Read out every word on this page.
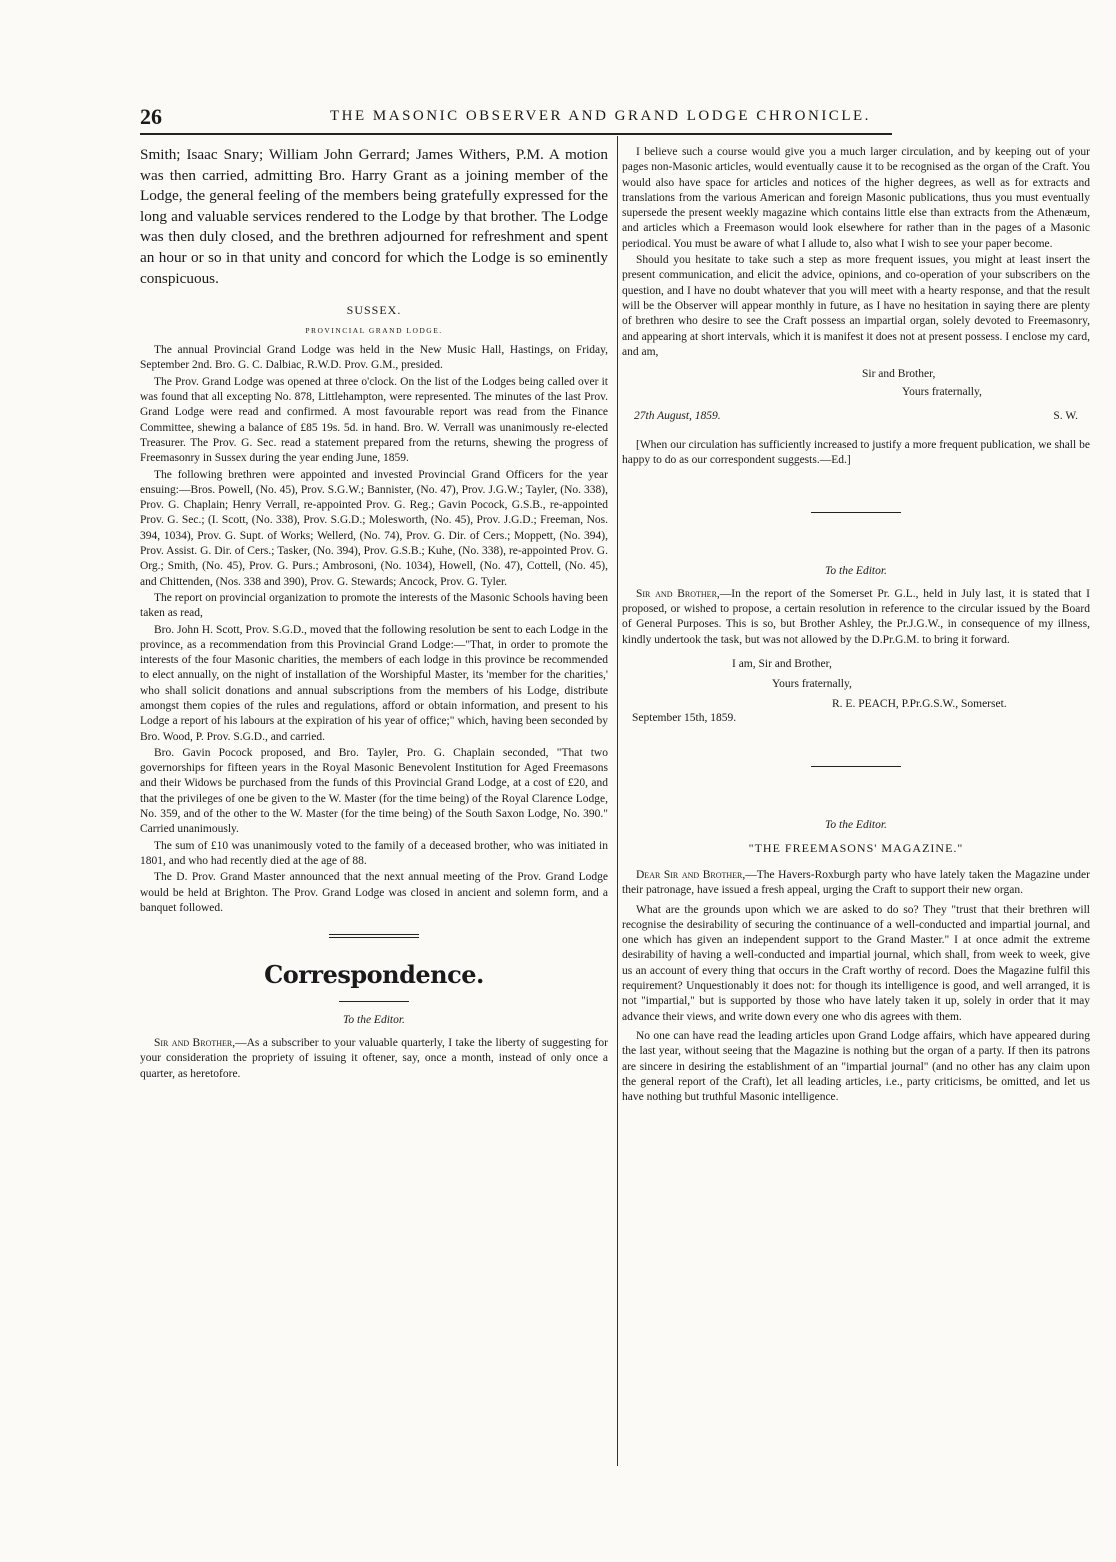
26	THE MASONIC OBSERVER AND GRAND LODGE CHRONICLE.

Smith; Isaac Snary; William John Gerrard; James Withers, P.M. A motion was then carried, admitting Bro. Harry Grant as a joining member of the Lodge, the general feeling of the members being gratefully expressed for the long and valuable services rendered to the Lodge by that brother. The Lodge was then duly closed, and the brethren adjourned for refreshment and spent an hour or so in that unity and concord for which the Lodge is so eminently conspicuous.

SUSSEX.
PROVINCIAL GRAND LODGE.

The annual Provincial Grand Lodge was held in the New Music Hall, Hastings, on Friday, September 2nd. Bro. G. C. Dalbiac, R.W.D. Prov. G.M., presided.

The Prov. Grand Lodge was opened at three o'clock. On the list of the Lodges being called over it was found that all excepting No. 878, Littlehampton, were represented. The minutes of the last Prov. Grand Lodge were read and confirmed. A most favourable report was read from the Finance Committee, shewing a balance of £85 19s. 5d. in hand. Bro. W. Verrall was unanimously re-elected Treasurer. The Prov. G. Sec. read a statement prepared from the returns, shewing the progress of Freemasonry in Sussex during the year ending June, 1859.

The following brethren were appointed and invested Provincial Grand Officers for the year ensuing:—Bros. Powell, (No. 45), Prov. S.G.W.; Bannister, (No. 47), Prov. J.G.W.; Tayler, (No. 338), Prov. G. Chaplain; Henry Verrall, re-appointed Prov. G. Reg.; Gavin Pocock, G.S.B., re-appointed Prov. G. Sec.; (I. Scott, (No. 338), Prov. S.G.D.; Molesworth, (No. 45), Prov. J.G.D.; Freeman, Nos. 394, 1034), Prov. G. Supt. of Works; Wellerd, (No. 74), Prov. G. Dir. of Cers.; Moppett, (No. 394), Prov. Assist. G. Dir. of Cers.; Tasker, (No. 394), Prov. G.S.B.; Kuhe, (No. 338), re-appointed Prov. G. Org.; Smith, (No. 45), Prov. G. Purs.; Ambrosoni, (No. 1034), Howell, (No. 47), Cottell, (No. 45), and Chittenden, (Nos. 338 and 390), Prov. G. Stewards; Ancock, Prov. G. Tyler.

The report on provincial organization to promote the interests of the Masonic Schools having been taken as read,

Bro. John H. Scott, Prov. S.G.D., moved that the following resolution be sent to each Lodge in the province, as a recommendation from this Provincial Grand Lodge:—"That, in order to promote the interests of the four Masonic charities, the members of each lodge in this province be recommended to elect annually, on the night of installation of the Worshipful Master, its 'member for the charities,' who shall solicit donations and annual subscriptions from the members of his Lodge, distribute amongst them copies of the rules and regulations, afford or obtain information, and present to his Lodge a report of his labours at the expiration of his year of office;" which, having been seconded by Bro. Wood, P. Prov. S.G.D., and carried.

Bro. Gavin Pocock proposed, and Bro. Tayler, Pro. G. Chaplain seconded, "That two governorships for fifteen years in the Royal Masonic Benevolent Institution for Aged Freemasons and their Widows be purchased from the funds of this Provincial Grand Lodge, at a cost of £20, and that the privileges of one be given to the W. Master (for the time being) of the Royal Clarence Lodge, No. 359, and of the other to the W. Master (for the time being) of the South Saxon Lodge, No. 390." Carried unanimously.

The sum of £10 was unanimously voted to the family of a deceased brother, who was initiated in 1801, and who had recently died at the age of 88.

The D. Prov. Grand Master announced that the next annual meeting of the Prov. Grand Lodge would be held at Brighton. The Prov. Grand Lodge was closed in ancient and solemn form, and a banquet followed.

Correspondence.
To the Editor.

Sir and Brother,—As a subscriber to your valuable quarterly, I take the liberty of suggesting for your consideration the propriety of issuing it oftener, say, once a month, instead of only once a quarter, as heretofore.

I believe such a course would give you a much larger circulation, and by keeping out of your pages non-Masonic articles, would eventually cause it to be recognised as the organ of the Craft. You would also have space for articles and notices of the higher degrees, as well as for extracts and translations from the various American and foreign Masonic publications, thus you must eventually supersede the present weekly magazine which contains little else than extracts from the Athenæum, and articles which a Freemason would look elsewhere for rather than in the pages of a Masonic periodical. You must be aware of what I allude to, also what I wish to see your paper become.

Should you hesitate to take such a step as more frequent issues, you might at least insert the present communication, and elicit the advice, opinions, and co-operation of your subscribers on the question, and I have no doubt whatever that you will meet with a hearty response, and that the result will be the Observer will appear monthly in future, as I have no hesitation in saying there are plenty of brethren who desire to see the Craft possess an impartial organ, solely devoted to Freemasonry, and appearing at short intervals, which it is manifest it does not at present possess. I enclose my card, and am,

Sir and Brother,
Yours fraternally,
27th August, 1859.	S. W.

[When our circulation has sufficiently increased to justify a more frequent publication, we shall be happy to do as our correspondent suggests.—Ed.]

To the Editor.

Sir and Brother,—In the report of the Somerset Pr. G.L., held in July last, it is stated that I proposed, or wished to propose, a certain resolution in reference to the circular issued by the Board of General Purposes. This is so, but Brother Ashley, the Pr.J.G.W., in consequence of my illness, kindly undertook the task, but was not allowed by the D.Pr.G.M. to bring it forward.

I am, Sir and Brother,
Yours fraternally,
R. E. PEACH, P.Pr.G.S.W., Somerset.
September 15th, 1859.
To the Editor.
"THE FREEMASONS' MAGAZINE."

Dear Sir and Brother,—The Havers-Roxburgh party who have lately taken the Magazine under their patronage, have issued a fresh appeal, urging the Craft to support their new organ.

What are the grounds upon which we are asked to do so? They "trust that their brethren will recognise the desirability of securing the continuance of a well-conducted and impartial journal, and one which has given an independent support to the Grand Master." I at once admit the extreme desirability of having a well-conducted and impartial journal, which shall, from week to week, give us an account of every thing that occurs in the Craft worthy of record. Does the Magazine fulfil this requirement? Unquestionably it does not: for though its intelligence is good, and well arranged, it is not "impartial," but is supported by those who have lately taken it up, solely in order that it may advance their views, and write down every one who dis agrees with them.

No one can have read the leading articles upon Grand Lodge affairs, which have appeared during the last year, without seeing that the Magazine is nothing but the organ of a party. If then its patrons are sincere in desiring the establishment of an "impartial journal" (and no other has any claim upon the general report of the Craft), let all leading articles, i.e., party criticisms, be omitted, and let us have nothing but truthful Masonic intelligence.
